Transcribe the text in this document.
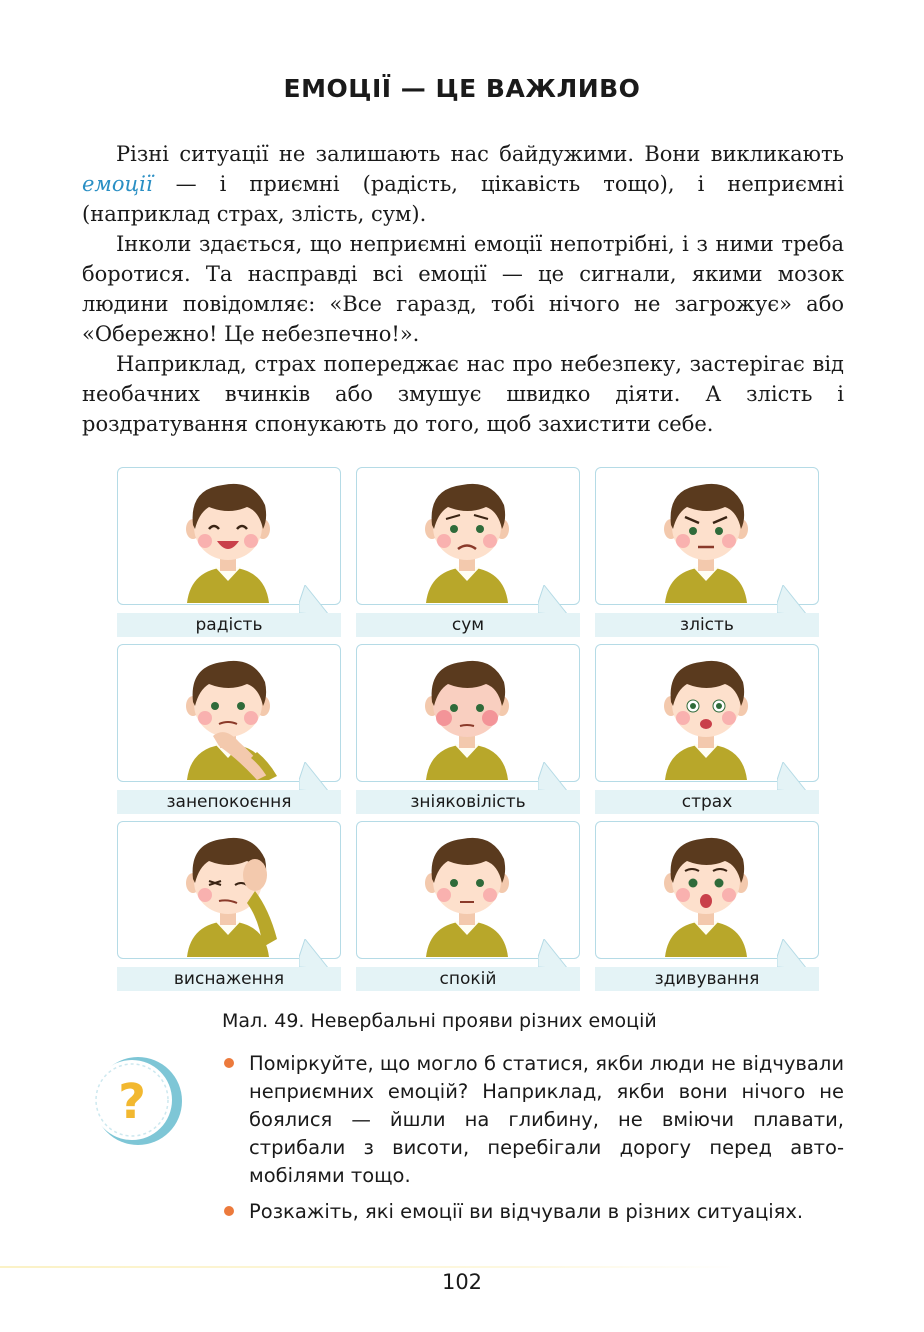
ЕМОЦІЇ — ЦЕ ВАЖЛИВО

Різні ситуації не залишають нас байдужими. Вони викликають емоції — і приємні (радість, цікавість тощо), і неприємні (наприклад страх, злість, сум).

Інколи здається, що неприємні емоції непотрібні, і з ними треба боротися. Та насправді всі емоції — це сигнали, якими мозок людини повідомляє: «Все гаразд, тобі нічого не загрожує» або «Обережно! Це небезпечно!».

Наприклад, страх попереджає нас про небезпеку, застерігає від необачних вчинків або змушує швидко діяти. А злість і роздратування спонукають до того, щоб захистити себе.

радість	сум	злість
занепокоєння	зніяковілість	страх
виснаження	спокій	здивування
Мал. 49. Невербальні прояви різних емоцій
?
Поміркуйте, що могло б статися, якби люди не відчували неприємних емоцій? Наприклад, якби вони нічого не боялися — йшли на глибину, не вміючи плавати, стрибали з висоти, перебігали дорогу перед автомобілями тощо.
Розкажіть, які емоції ви відчували в різних ситуаціях.
102
